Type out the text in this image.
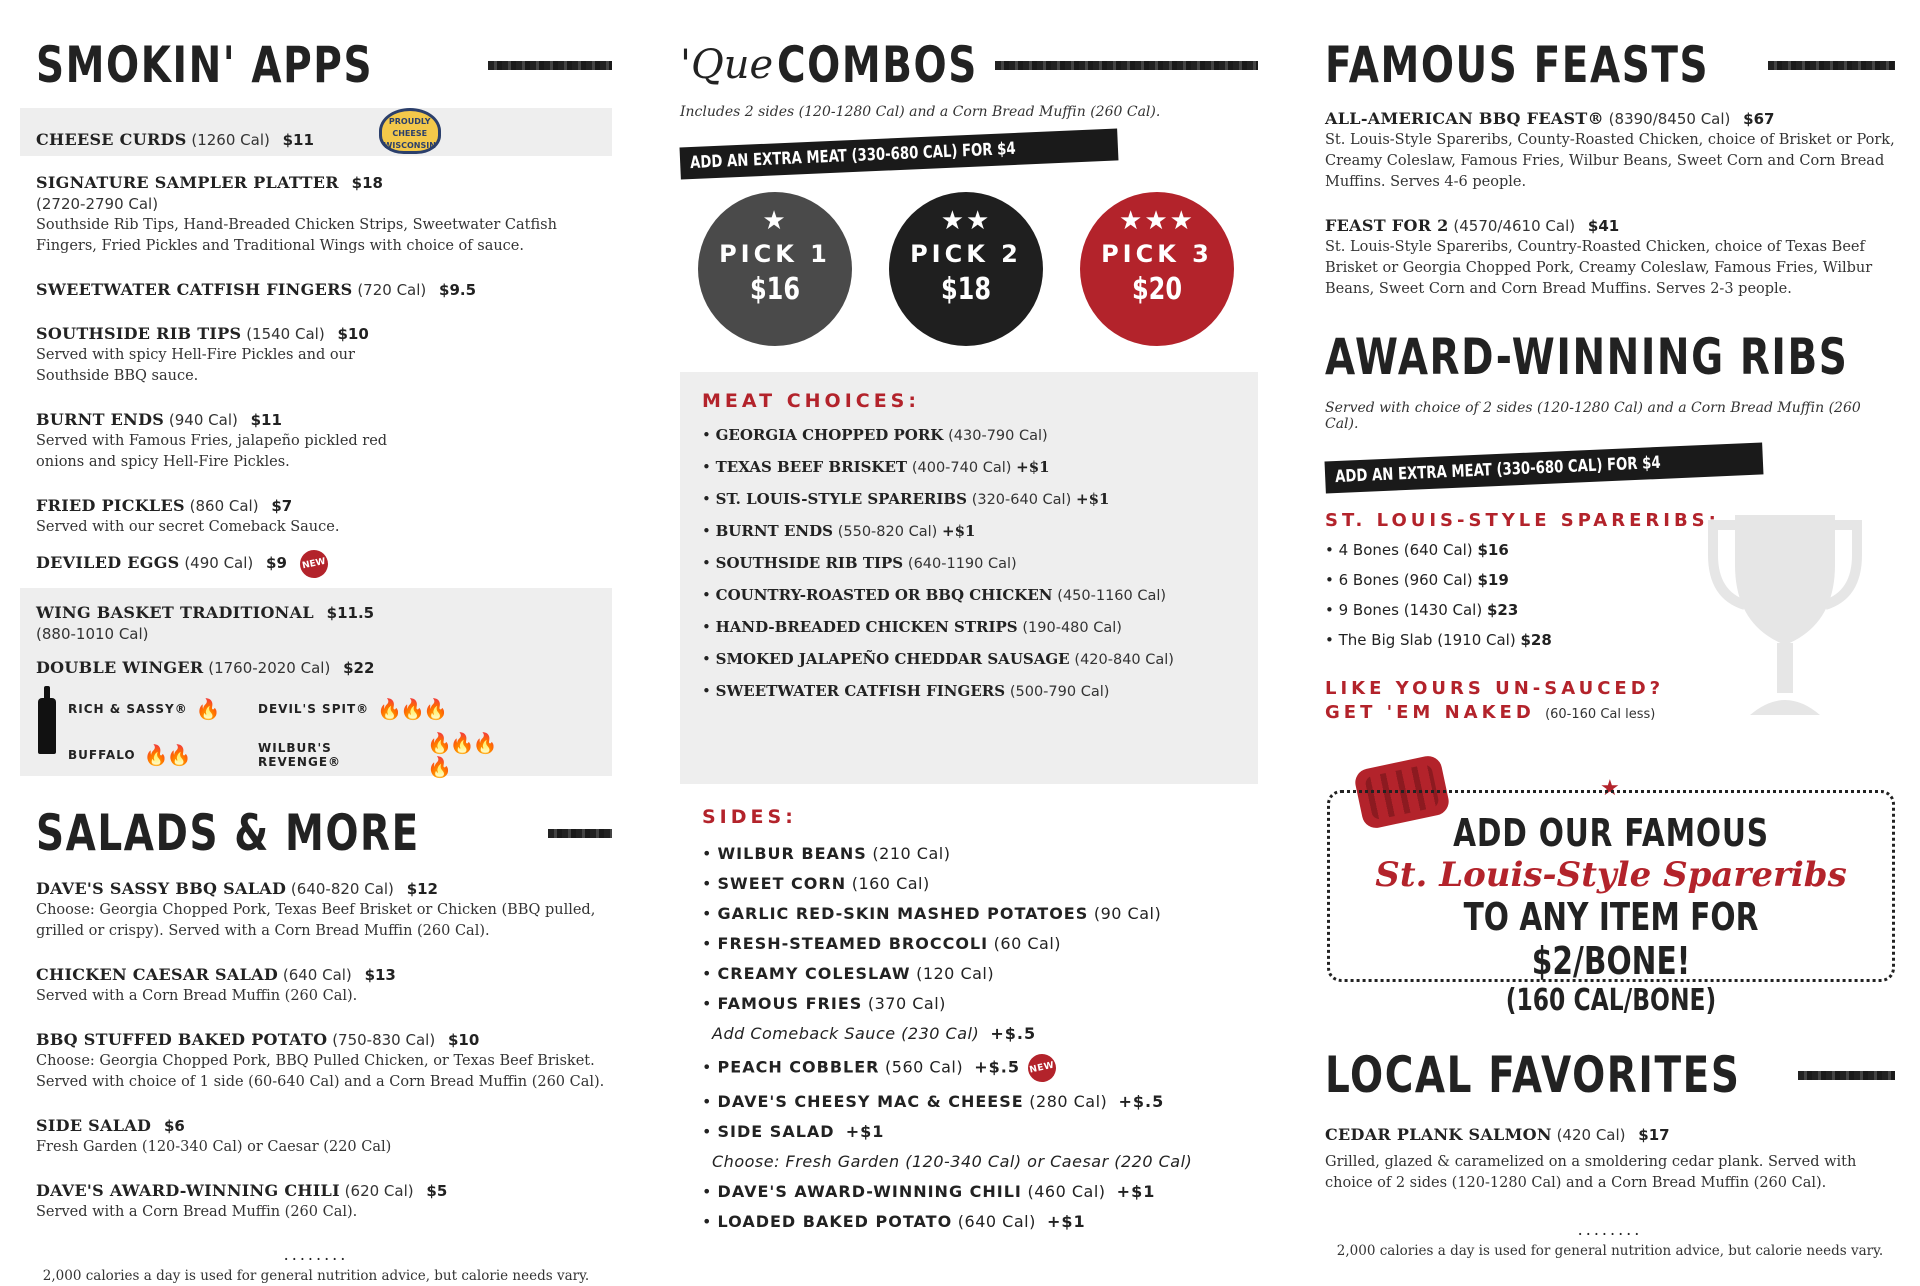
SMOKIN' APPS
CHEESE CURDS (1260 Cal) $11 PROUDLY CHEESE WISCONSIN
SIGNATURE SAMPLER PLATTER $18
(2720-2790 Cal)
Southside Rib Tips, Hand-Breaded Chicken Strips, Sweetwater Catfish Fingers, Fried Pickles and Traditional Wings with choice of sauce.
SWEETWATER CATFISH FINGERS (720 Cal) $9.5
SOUTHSIDE RIB TIPS (1540 Cal) $10
Served with spicy Hell-Fire Pickles and our Southside BBQ sauce.
BURNT ENDS (940 Cal) $11
Served with Famous Fries, jalapeño pickled red onions and spicy Hell-Fire Pickles.
FRIED PICKLES (860 Cal) $7
Served with our secret Comeback Sauce.
DEVILED EGGS (490 Cal) $9 NEW
WING BASKET TRADITIONAL $11.5
(880-1010 Cal)
DOUBLE WINGER (1760-2020 Cal) $22
RICH & SASSY® 🔥	DEVIL'S SPIT® 🔥🔥🔥
BUFFALO 🔥🔥	WILBUR'S REVENGE®
🔥🔥🔥🔥
SALADS & MORE
DAVE'S SASSY BBQ SALAD (640-820 Cal) $12
Choose: Georgia Chopped Pork, Texas Beef Brisket or Chicken (BBQ pulled, grilled or crispy). Served with a Corn Bread Muffin (260 Cal).
CHICKEN CAESAR SALAD (640 Cal) $13
Served with a Corn Bread Muffin (260 Cal).
BBQ STUFFED BAKED POTATO (750-830 Cal) $10
Choose: Georgia Chopped Pork, BBQ Pulled Chicken, or Texas Beef Brisket. Served with choice of 1 side (60-640 Cal) and a Corn Bread Muffin (260 Cal).
SIDE SALAD $6
Fresh Garden (120-340 Cal) or Caesar (220 Cal)
DAVE'S AWARD-WINNING CHILI (620 Cal) $5
Served with a Corn Bread Muffin (260 Cal).
........
2,000 calories a day is used for general nutrition advice, but calorie needs vary.
'Que COMBOS
Includes 2 sides (120-1280 Cal) and a Corn Bread Muffin (260 Cal).
ADD AN EXTRA MEAT (330-680 CAL) FOR $4
★
PICK 1
$16
★★
PICK 2
$18
★★★
PICK 3
$20
MEAT CHOICES:
• GEORGIA CHOPPED PORK (430-790 Cal)
• TEXAS BEEF BRISKET (400-740 Cal) +$1
• ST. LOUIS-STYLE SPARERIBS (320-640 Cal) +$1
• BURNT ENDS (550-820 Cal) +$1
• SOUTHSIDE RIB TIPS (640-1190 Cal)
• COUNTRY-ROASTED OR BBQ CHICKEN (450-1160 Cal)
• HAND-BREADED CHICKEN STRIPS (190-480 Cal)
• SMOKED JALAPEÑO CHEDDAR SAUSAGE (420-840 Cal)
• SWEETWATER CATFISH FINGERS (500-790 Cal)
SIDES:
• WILBUR BEANS (210 Cal)
• SWEET CORN (160 Cal)
• GARLIC RED-SKIN MASHED POTATOES (90 Cal)
• FRESH-STEAMED BROCCOLI (60 Cal)
• CREAMY COLESLAW (120 Cal)
• FAMOUS FRIES (370 Cal)
Add Comeback Sauce (230 Cal) +$.5
• PEACH COBBLER (560 Cal) +$.5 NEW
• DAVE'S CHEESY MAC & CHEESE (280 Cal) +$.5
• SIDE SALAD +$1
Choose: Fresh Garden (120-340 Cal) or Caesar (220 Cal)
• DAVE'S AWARD-WINNING CHILI (460 Cal) +$1
• LOADED BAKED POTATO (640 Cal) +$1
FAMOUS FEASTS
ALL-AMERICAN BBQ FEAST® (8390/8450 Cal) $67
St. Louis-Style Spareribs, County-Roasted Chicken, choice of Brisket or Pork, Creamy Coleslaw, Famous Fries, Wilbur Beans, Sweet Corn and Corn Bread Muffins. Serves 4-6 people.
FEAST FOR 2 (4570/4610 Cal) $41
St. Louis-Style Spareribs, Country-Roasted Chicken, choice of Texas Beef Brisket or Georgia Chopped Pork, Creamy Coleslaw, Famous Fries, Wilbur Beans, Sweet Corn and Corn Bread Muffins. Serves 2-3 people.
AWARD-WINNING RIBS
Served with choice of 2 sides (120-1280 Cal) and a Corn Bread Muffin (260 Cal).
ADD AN EXTRA MEAT (330-680 CAL) FOR $4
ST. LOUIS-STYLE SPARERIBS:
• 4 Bones (640 Cal) $16
• 6 Bones (960 Cal) $19
• 9 Bones (1430 Cal) $23
• The Big Slab (1910 Cal) $28
LIKE YOURS UN-SAUCED?
GET 'EM NAKED (60-160 Cal less)
★
ADD OUR FAMOUS
St. Louis-Style Spareribs
TO ANY ITEM FOR $2/BONE!
(160 CAL/BONE)
LOCAL FAVORITES
CEDAR PLANK SALMON (420 Cal) $17
Grilled, glazed & caramelized on a smoldering cedar plank. Served with choice of 2 sides (120-1280 Cal) and a Corn Bread Muffin (260 Cal).
........
2,000 calories a day is used for general nutrition advice, but calorie needs vary.
